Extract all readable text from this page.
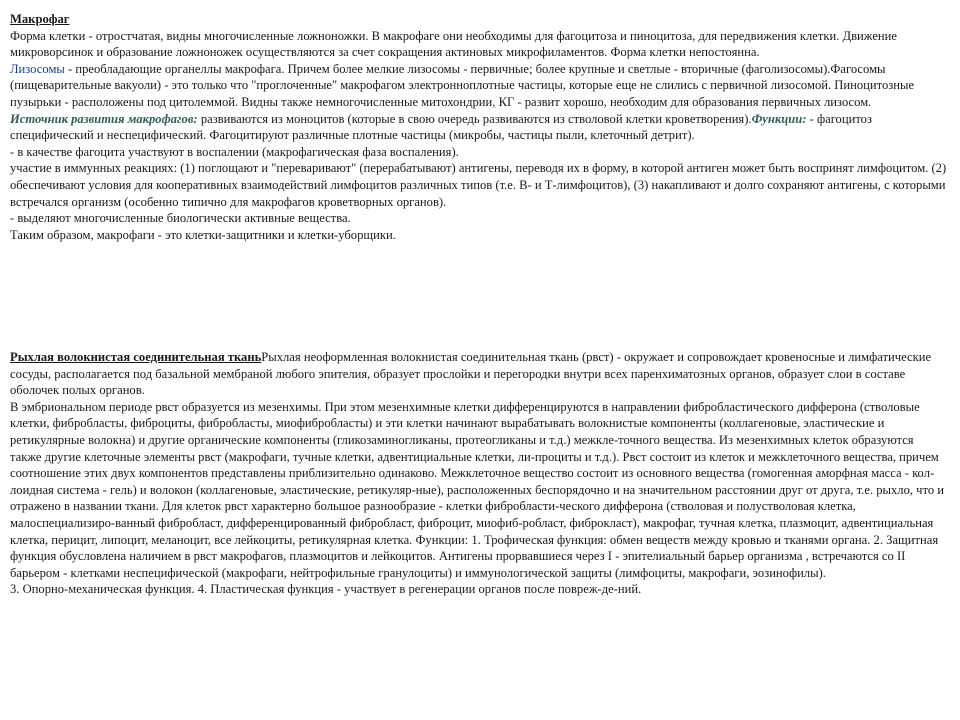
Макрофаг

Форма клетки - отростчатая, видны многочисленные ложноножки. В макрофаге они необходимы для фагоцитоза и пиноцитоза, для передвижения клетки. Движение микроворсинок и образование ложноножек осуществляются за счет сокращения актиновых микрофиламентов. Форма клетки непостоянна.

Лизосомы - преобладающие органеллы макрофага. Причем более мелкие лизосомы - первичные; более крупные и светлые - вторичные (фаголизосомы).Фагосомы (пищеварительные вакуоли) - это только что "проглоченные" макрофагом электронноплотные частицы, которые еще не слились с первичной лизосомой. Пиноцитозные пузырьки - расположены под цитолеммой. Видны также немногочисленные митохондрии, КГ - развит хорошо, необходим для образования первичных лизосом.

Источник развития макрофагов: развиваются из моноцитов (которые в свою очередь развиваются из стволовой клетки кроветворения).Функции: - фагоцитоз специфический и неспецифический. Фагоцитируют различные плотные частицы (микробы, частицы пыли, клеточный детрит).

- в качестве фагоцита участвуют в воспалении (макрофагическая фаза воспаления).

участие в иммунных реакциях: (1) поглощают и "переваривают" (перерабатывают) антигены, переводя их в форму, в которой антиген может быть воспринят лимфоцитом. (2) обеспечивают условия для кооперативных взаимодействий лимфоцитов различных типов (т.е. В- и Т-лимфоцитов), (3) накапливают и долго сохраняют антигены, с которыми встречался организм (особенно типично для макрофагов кроветворных органов).

- выделяют многочисленные биологически активные вещества.

Таким образом, макрофаги - это клетки-защитники и клетки-уборщики.

Рыхлая волокнистая соединительная тканьРыхлая неоформленная волокнистая соединительная ткань (рвст) - окружает и сопровождает кровеносные и лимфатические сосуды, располагается под базальной мембраной любого эпителия, образует прослойки и перегородки внутри всех паренхиматозных органов, образует слои в составе оболочек полых органов.

В эмбриональном периоде рвст образуется из мезенхимы. При этом мезенхимные клетки дифференцируются в направлении фибробластического дифферона (стволовые клетки, фибробласты, фиброциты, фибробласты, миофибробласты) и эти клетки начинают вырабатывать волокнистые компоненты (коллагеновые, эластические и ретикулярные волокна) и другие органические компоненты (гликозаминогликаны, протеогликаны и т.д.) межкле-точного вещества. Из мезенхимных клеток образуются также другие клеточные элементы рвст (макрофаги, тучные клетки, адвентициальные клетки, ли-проциты и т.д.). Рвст состоит из клеток и межклеточного вещества, причем соотношение этих двух компонентов представлены приблизительно одинаково. Межклеточное вещество состоит из основного вещества (гомогенная аморфная масса - кол-лоидная система - гель) и волокон (коллагеновые, эластические, ретикуляр-ные), расположенных беспорядочно и на значительном расстоянии друг от друга, т.е. рыхло, что и отражено в названии ткани. Для клеток рвст характерно большое разнообразие - клетки фибробласти-ческого дифферона (стволовая и полустволовая клетка, малоспециализиро-ванный фибробласт, дифференцированный фибробласт, фиброцит, миофиб-робласт, фиброкласт), макрофаг, тучная клетка, плазмоцит, адвентициальная клетка, перицит, липоцит, меланоцит, все лейкоциты, ретикулярная клетка. Функции: 1. Трофическая функция: обмен веществ между кровью и тканями органа. 2. Защитная функция обусловлена наличием в рвст макрофагов, плазмоцитов и лейкоцитов. Антигены прорвавшиеся через I - эпителиальный барьер организма , встречаются со II барьером - клетками неспецифической (макрофаги, нейтрофильные гранулоциты) и иммунологической защиты (лимфоциты, макрофаги, эозинофилы).

3. Опорно-механическая функция. 4. Пластическая функция - участвует в регенерации органов после повреж-де-ний.
